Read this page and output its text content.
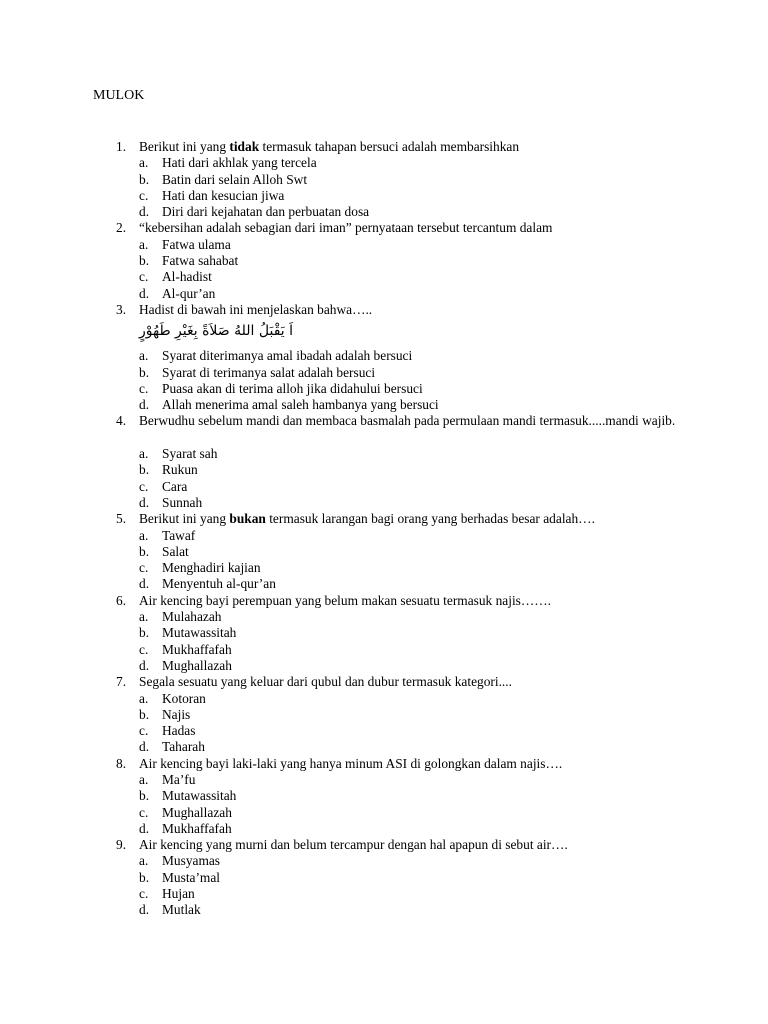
MULOK
1. Berikut ini yang tidak termasuk tahapan bersuci adalah membarsihkan
a. Hati dari akhlak yang tercela
b. Batin dari selain Alloh Swt
c. Hati dan kesucian jiwa
d. Diri dari kejahatan dan perbuatan dosa
2. “kebersihan adalah sebagian dari iman” pernyataan tersebut tercantum dalam
a. Fatwa ulama
b. Fatwa sahabat
c. Al-hadist
d. Al-qur’an
3. Hadist di bawah ini menjelaskan bahwa…..
اَ يَقْبَلُ اللهُ صَلاَةً بِغَيْرِ طَهُوْرٍ
a. Syarat diterimanya amal ibadah adalah bersuci
b. Syarat di terimanya salat adalah bersuci
c. Puasa akan di terima alloh jika didahului bersuci
d. Allah menerima amal saleh hambanya yang bersuci
4. Berwudhu sebelum mandi dan membaca basmalah pada permulaan mandi termasuk.....mandi wajib.
a. Syarat sah
b. Rukun
c. Cara
d. Sunnah
5. Berikut ini yang bukan termasuk larangan bagi orang yang berhadas besar adalah….
a. Tawaf
b. Salat
c. Menghadiri kajian
d. Menyentuh al-qur’an
6. Air kencing bayi perempuan yang belum makan sesuatu termasuk najis…….
a. Mulahazah
b. Mutawassitah
c. Mukhaffafah
d. Mughallazah
7. Segala sesuatu yang keluar dari qubul dan dubur termasuk kategori....
a. Kotoran
b. Najis
c. Hadas
d. Taharah
8. Air kencing bayi laki-laki yang hanya minum ASI di golongkan dalam najis….
a. Ma’fu
b. Mutawassitah
c. Mughallazah
d. Mukhaffafah
9. Air kencing yang murni dan belum tercampur dengan hal apapun di sebut air….
a. Musyamas
b. Musta’mal
c. Hujan
d. Mutlak
